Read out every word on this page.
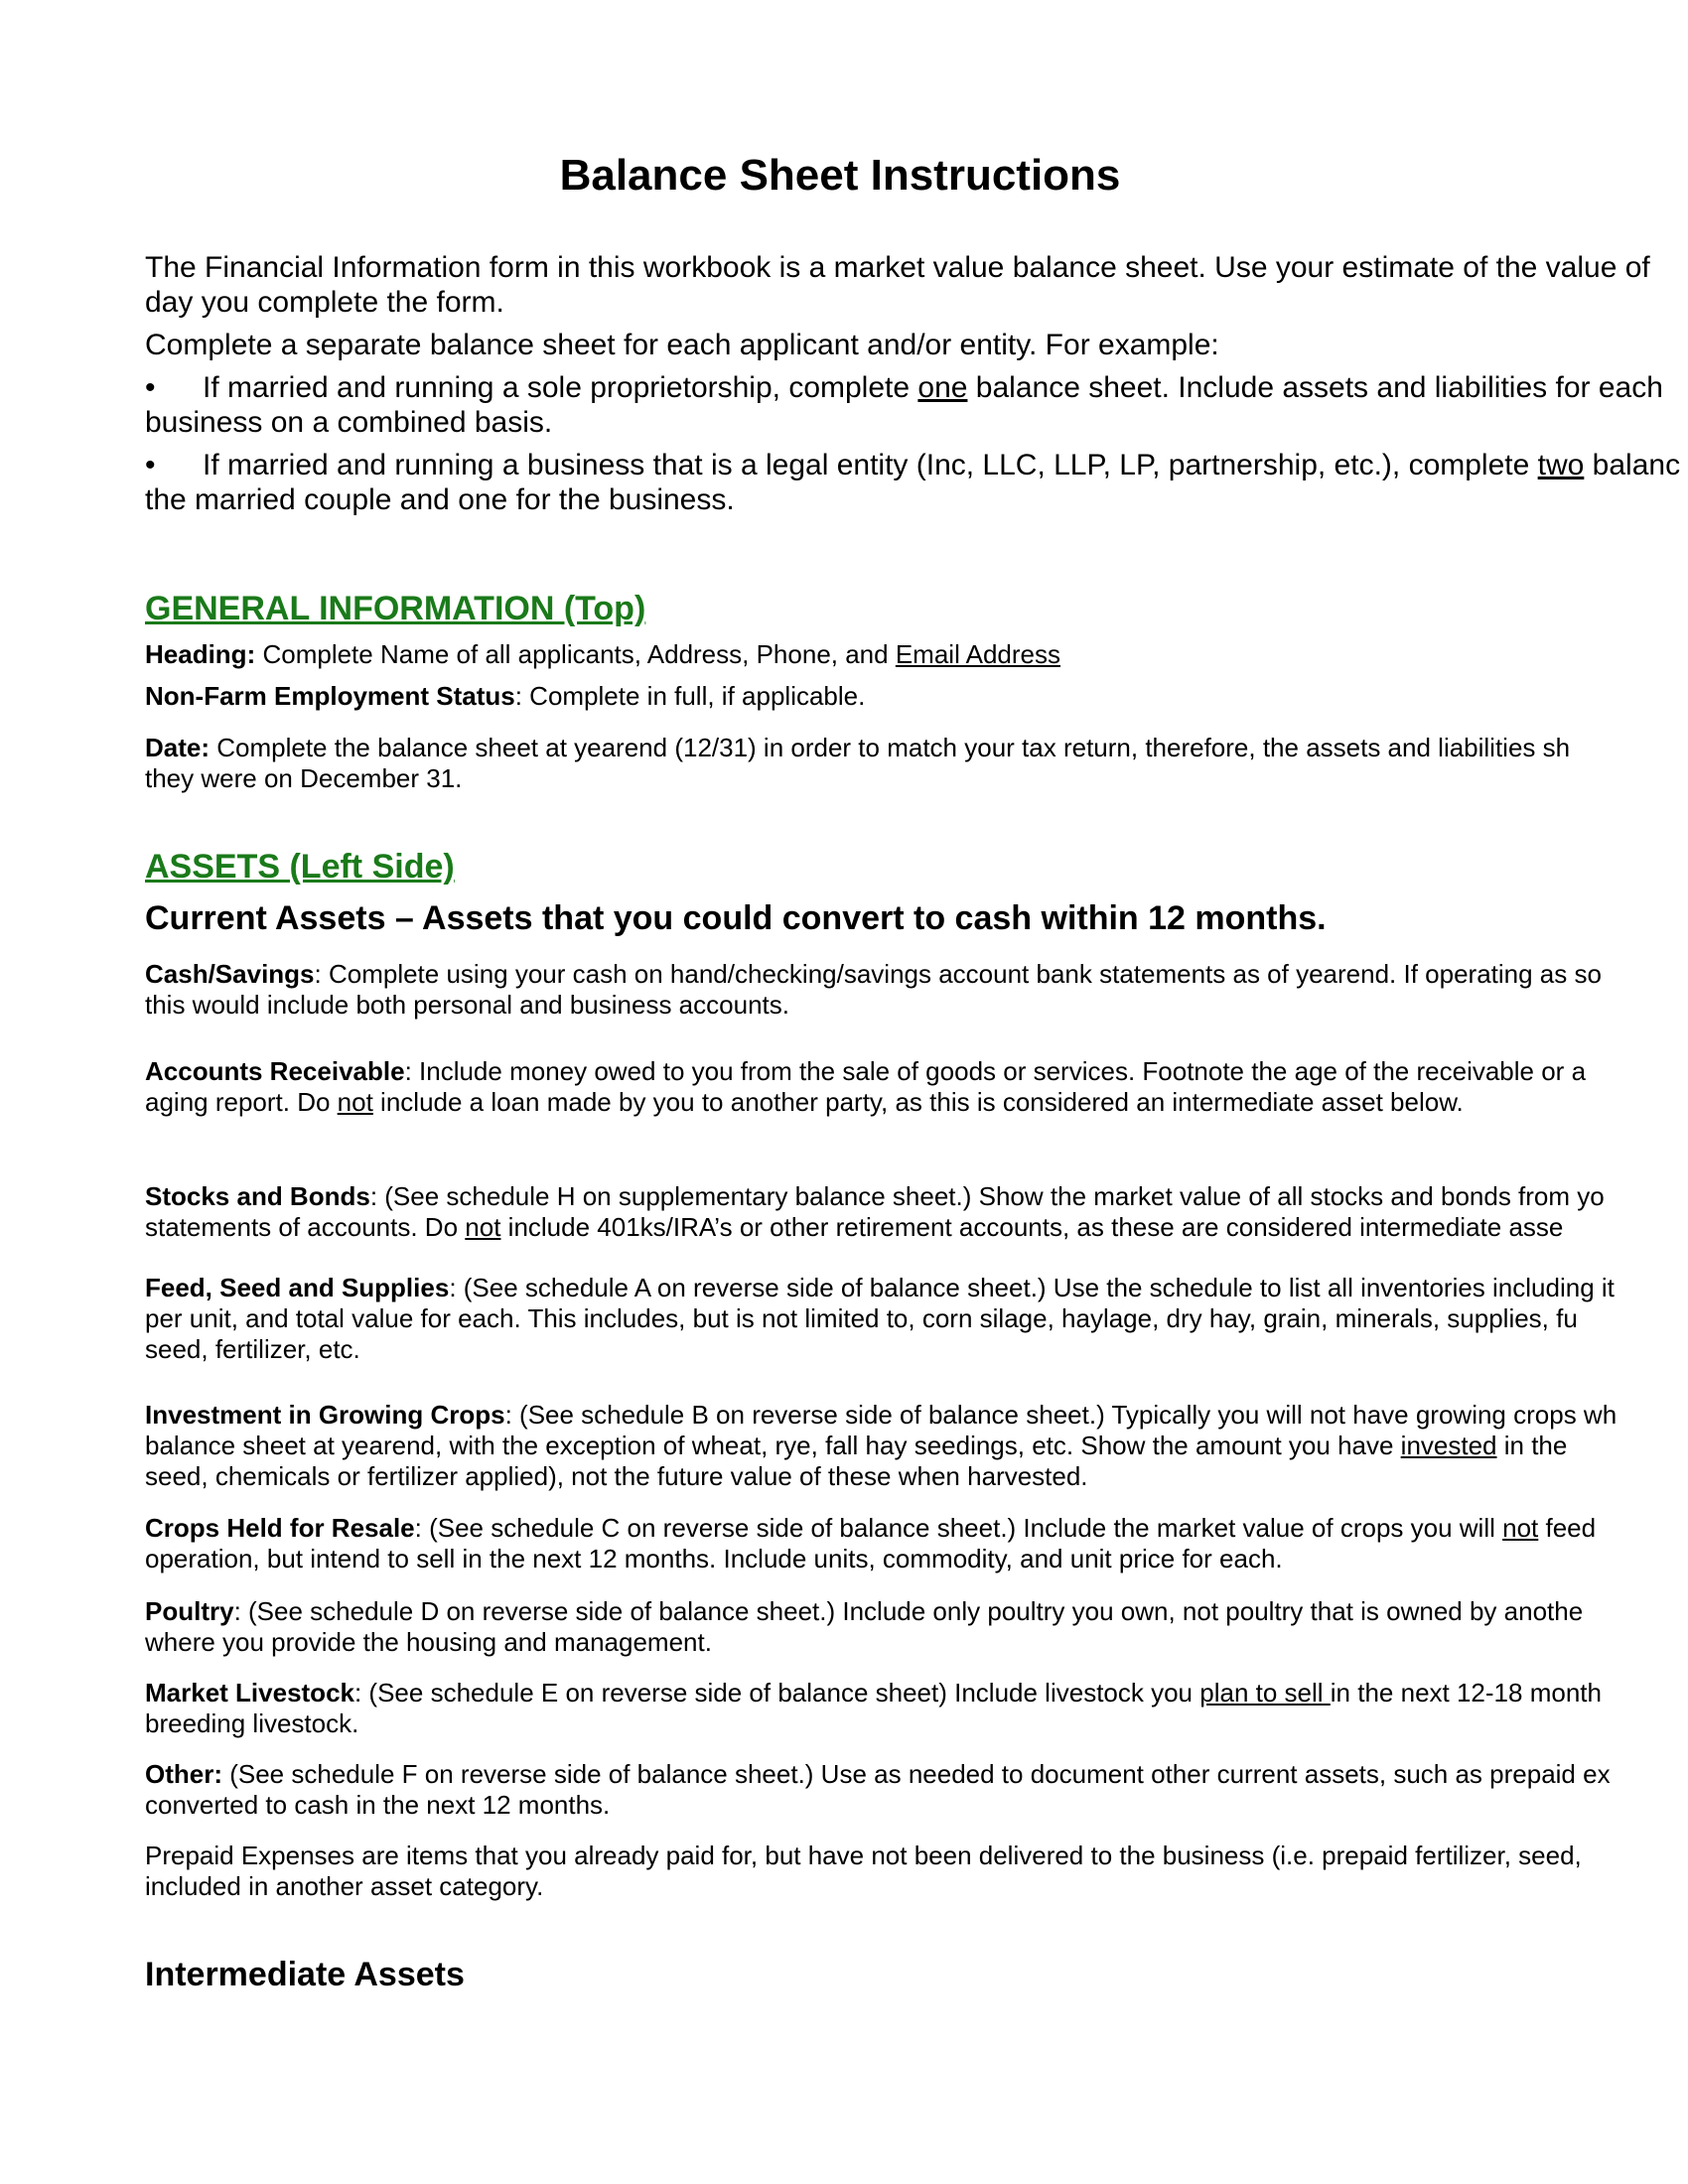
Balance Sheet Instructions

The Financial Information form in this workbook is a market value balance sheet. Use your estimate of the value of
day you complete the form.

Complete a separate balance sheet for each applicant and/or entity. For example:

• If married and running a sole proprietorship, complete one balance sheet. Include assets and liabilities for each
business on a combined basis.

• If married and running a business that is a legal entity (Inc, LLC, LLP, LP, partnership, etc.), complete two balanc
the married couple and one for the business.

GENERAL INFORMATION (Top)
Heading: Complete Name of all applicants, Address, Phone, and Email Address
Non-Farm Employment Status: Complete in full, if applicable.
Date: Complete the balance sheet at yearend (12/31) in order to match your tax return, therefore, the assets and liabilities sh
they were on December 31.
ASSETS (Left Side)
Current Assets – Assets that you could convert to cash within 12 months.
Cash/Savings: Complete using your cash on hand/checking/savings account bank statements as of yearend. If operating as so
this would include both personal and business accounts.
Accounts Receivable: Include money owed to you from the sale of goods or services. Footnote the age of the receivable or a
aging report. Do not include a loan made by you to another party, as this is considered an intermediate asset below.
Stocks and Bonds: (See schedule H on supplementary balance sheet.) Show the market value of all stocks and bonds from yo
statements of accounts. Do not include 401ks/IRA’s or other retirement accounts, as these are considered intermediate asse
Feed, Seed and Supplies: (See schedule A on reverse side of balance sheet.) Use the schedule to list all inventories including it
per unit, and total value for each. This includes, but is not limited to, corn silage, haylage, dry hay, grain, minerals, supplies, fu
seed, fertilizer, etc.
Investment in Growing Crops: (See schedule B on reverse side of balance sheet.) Typically you will not have growing crops wh
balance sheet at yearend, with the exception of wheat, rye, fall hay seedings, etc. Show the amount you have invested in the
seed, chemicals or fertilizer applied), not the future value of these when harvested.
Crops Held for Resale: (See schedule C on reverse side of balance sheet.) Include the market value of crops you will not feed
operation, but intend to sell in the next 12 months. Include units, commodity, and unit price for each.
Poultry: (See schedule D on reverse side of balance sheet.) Include only poultry you own, not poultry that is owned by anothe
where you provide the housing and management.
Market Livestock: (See schedule E on reverse side of balance sheet) Include livestock you plan to sell in the next 12-18 month
breeding livestock.
Other: (See schedule F on reverse side of balance sheet.) Use as needed to document other current assets, such as prepaid ex
converted to cash in the next 12 months.
Prepaid Expenses are items that you already paid for, but have not been delivered to the business (i.e. prepaid fertilizer, seed,
included in another asset category.
Intermediate Assets
